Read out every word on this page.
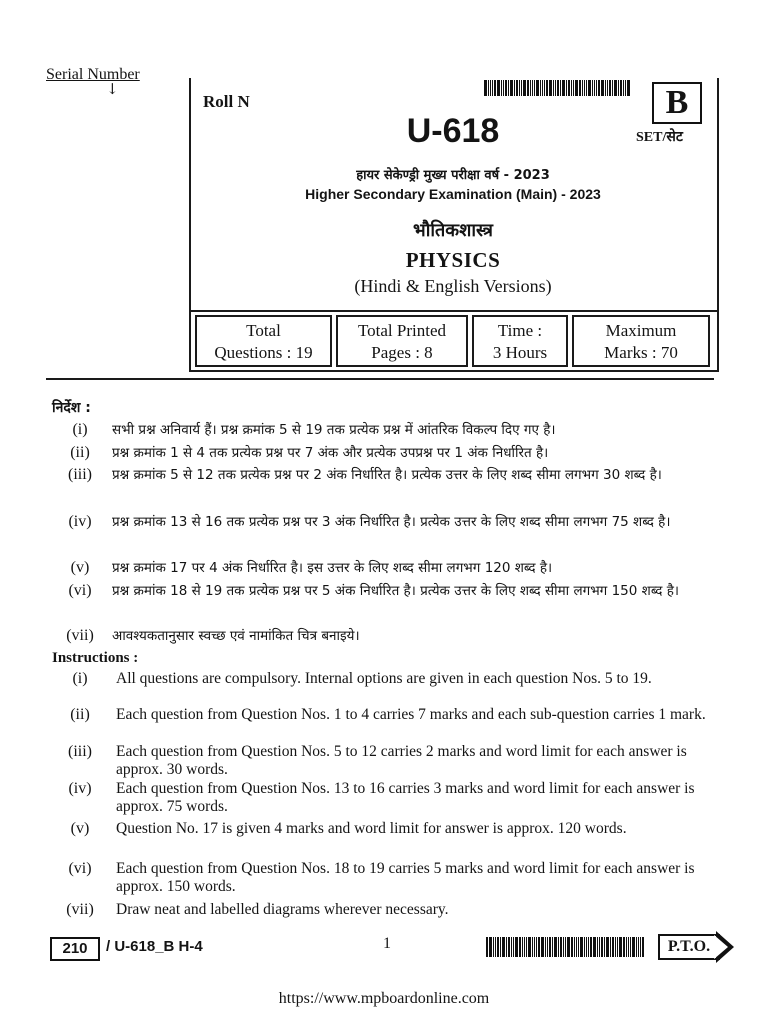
Serial Number
↓
Roll N	B
SET/सेट
U-618
हायर सेकेण्ड्री मुख्य परीक्षा वर्ष - 2023
Higher Secondary Examination (Main) - 2023
भौतिकशास्त्र
PHYSICS
(Hindi & English Versions)
Total
Questions : 19
Total Printed
Pages : 8
Time :
3 Hours
Maximum
Marks : 70
निर्देश :
(i)	सभी प्रश्न अनिवार्य हैं। प्रश्न क्रमांक 5 से 19 तक प्रत्येक प्रश्न में आंतरिक विकल्प दिए गए है।
(ii)	प्रश्न क्रमांक 1 से 4 तक प्रत्येक प्रश्न पर 7 अंक और प्रत्येक उपप्रश्न पर 1 अंक निर्धारित है।
(iii)	प्रश्न क्रमांक 5 से 12 तक प्रत्येक प्रश्न पर 2 अंक निर्धारित है। प्रत्येक उत्तर के लिए शब्द सीमा लगभग 30 शब्द है।
(iv)	प्रश्न क्रमांक 13 से 16 तक प्रत्येक प्रश्न पर 3 अंक निर्धारित है। प्रत्येक उत्तर के लिए शब्द सीमा लगभग 75 शब्द है।
(v)	प्रश्न क्रमांक 17 पर 4 अंक निर्धारित है। इस उत्तर के लिए शब्द सीमा लगभग 120 शब्द है।
(vi)	प्रश्न क्रमांक 18 से 19 तक प्रत्येक प्रश्न पर 5 अंक निर्धारित है। प्रत्येक उत्तर के लिए शब्द सीमा लगभग 150 शब्द है।
(vii)	आवश्यकतानुसार स्वच्छ एवं नामांकित चित्र बनाइये।
Instructions :
(i)	All questions are compulsory. Internal options are given in each question Nos. 5 to 19.
(ii)	Each question from Question Nos. 1 to 4 carries 7 marks and each sub-question carries 1 mark.
(iii)	Each question from Question Nos. 5 to 12 carries 2 marks and word limit for each answer is approx. 30 words.
(iv)	Each question from Question Nos. 13 to 16 carries 3 marks and word limit for each answer is approx. 75 words.
(v)	Question No. 17 is given 4 marks and word limit for answer is approx. 120 words.
(vi)	Each question from Question Nos. 18 to 19 carries 5 marks and word limit for each answer is approx. 150 words.
(vii)	Draw neat and labelled diagrams wherever necessary.
210	/ U-618_B H-4	1	P.T.O.
https://www.mpboardonline.com
